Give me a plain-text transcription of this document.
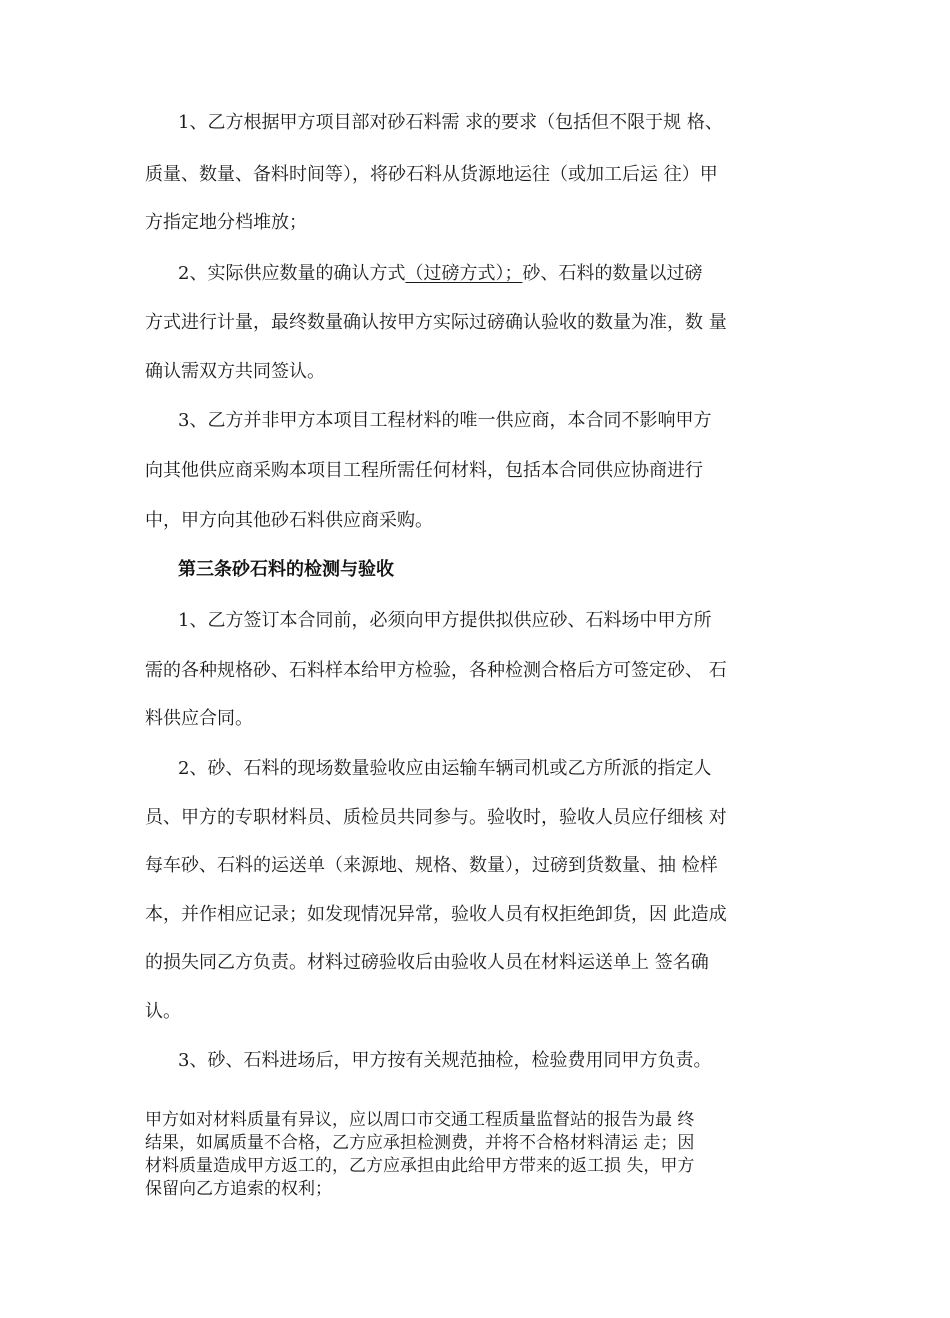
1、乙方根据甲方项目部对砂石料需 求的要求（包括但不限于规 格、
质量、数量、备料时间等），将砂石料从货源地运往（或加工后运 往）甲
方指定地分档堆放；
2、实际供应数量的确认方式（过磅方式）；砂、石料的数量以过磅
方式进行计量，最终数量确认按甲方实际过磅确认验收的数量为准，数 量
确认需双方共同签认。
3、乙方并非甲方本项目工程材料的唯一供应商，本合同不影响甲方
向其他供应商采购本项目工程所需任何材料，包括本合同供应协商进行
中，甲方向其他砂石料供应商采购。
第三条砂石料的检测与验收
1、乙方签订本合同前，必须向甲方提供拟供应砂、石料场中甲方所
需的各种规格砂、石料样本给甲方检验，各种检测合格后方可签定砂、 石
料供应合同。
2、砂、石料的现场数量验收应由运输车辆司机或乙方所派的指定人
员、甲方的专职材料员、质检员共同参与。验收时，验收人员应仔细核 对
每车砂、石料的运送单（来源地、规格、数量），过磅到货数量、抽 检样
本，并作相应记录；如发现情况异常，验收人员有权拒绝卸货，因 此造成
的损失同乙方负责。材料过磅验收后由验收人员在材料运送单上 签名确
认。
3、砂、石料进场后，甲方按有关规范抽检，检验费用同甲方负责。
甲方如对材料质量有异议，应以周口市交通工程质量监督站的报告为最 终
结果，如属质量不合格，乙方应承担检测费，并将不合格材料清运 走；因
材料质量造成甲方返工的，乙方应承担由此给甲方带来的返工损 失，甲方
保留向乙方追索的权利；
